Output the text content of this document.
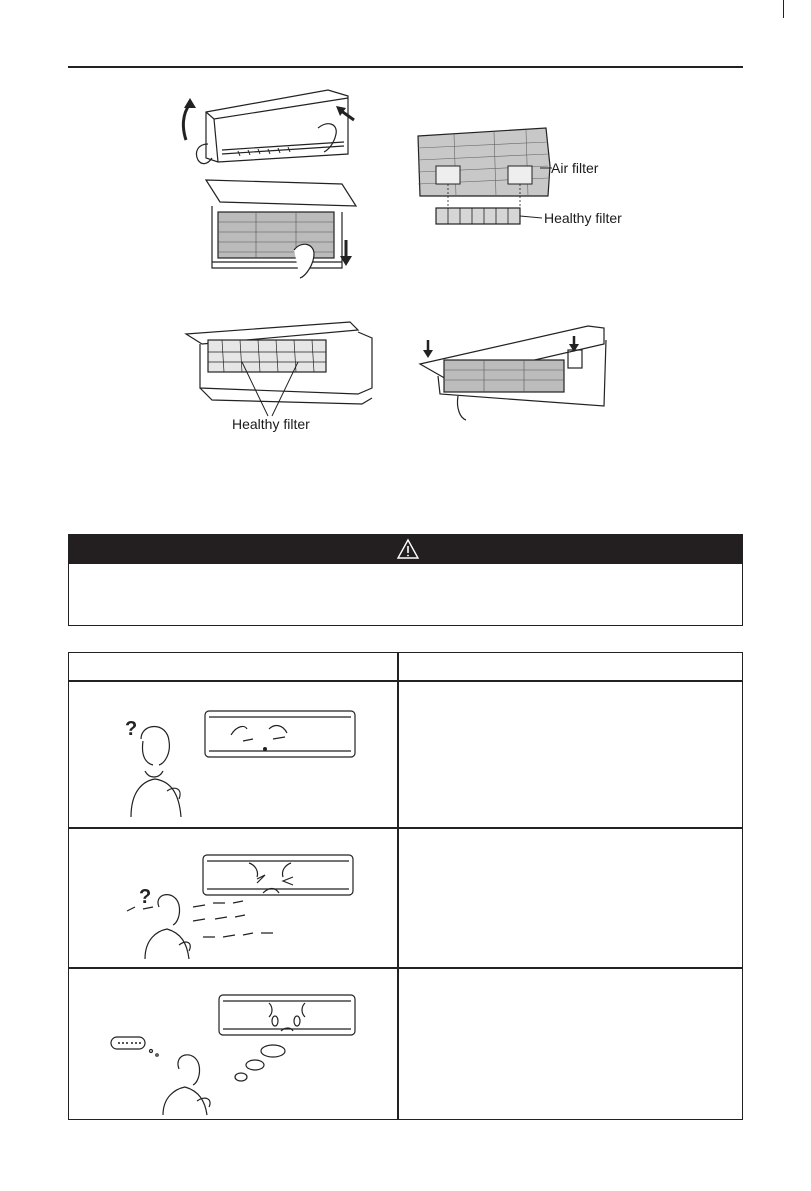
Air filter
Healthy filter
Healthy filter
?
?
